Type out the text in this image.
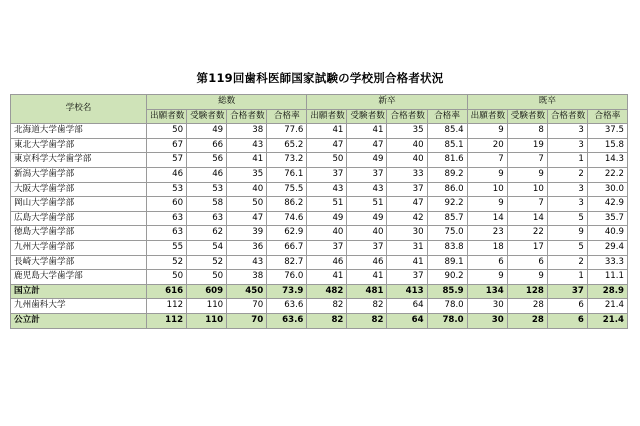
第119回歯科医師国家試験の学校別合格者状況
学校名	総数				新卒				既卒			
	出願者数	受験者数	合格者数	合格率	出願者数	受験者数	合格者数	合格率	出願者数	受験者数	合格者数	合格率
北海道大学歯学部	50	49	38	77.6	41	41	35	85.4	9	8	3	37.5
東北大学歯学部	67	66	43	65.2	47	47	40	85.1	20	19	3	15.8
東京科学大学歯学部	57	56	41	73.2	50	49	40	81.6	7	7	1	14.3
新潟大学歯学部	46	46	35	76.1	37	37	33	89.2	9	9	2	22.2
大阪大学歯学部	53	53	40	75.5	43	43	37	86.0	10	10	3	30.0
岡山大学歯学部	60	58	50	86.2	51	51	47	92.2	9	7	3	42.9
広島大学歯学部	63	63	47	74.6	49	49	42	85.7	14	14	5	35.7
徳島大学歯学部	63	62	39	62.9	40	40	30	75.0	23	22	9	40.9
九州大学歯学部	55	54	36	66.7	37	37	31	83.8	18	17	5	29.4
長崎大学歯学部	52	52	43	82.7	46	46	41	89.1	6	6	2	33.3
鹿児島大学歯学部	50	50	38	76.0	41	41	37	90.2	9	9	1	11.1
国立計	616	609	450	73.9	482	481	413	85.9	134	128	37	28.9
九州歯科大学	112	110	70	63.6	82	82	64	78.0	30	28	6	21.4
公立計	112	110	70	63.6	82	82	64	78.0	30	28	6	21.4
